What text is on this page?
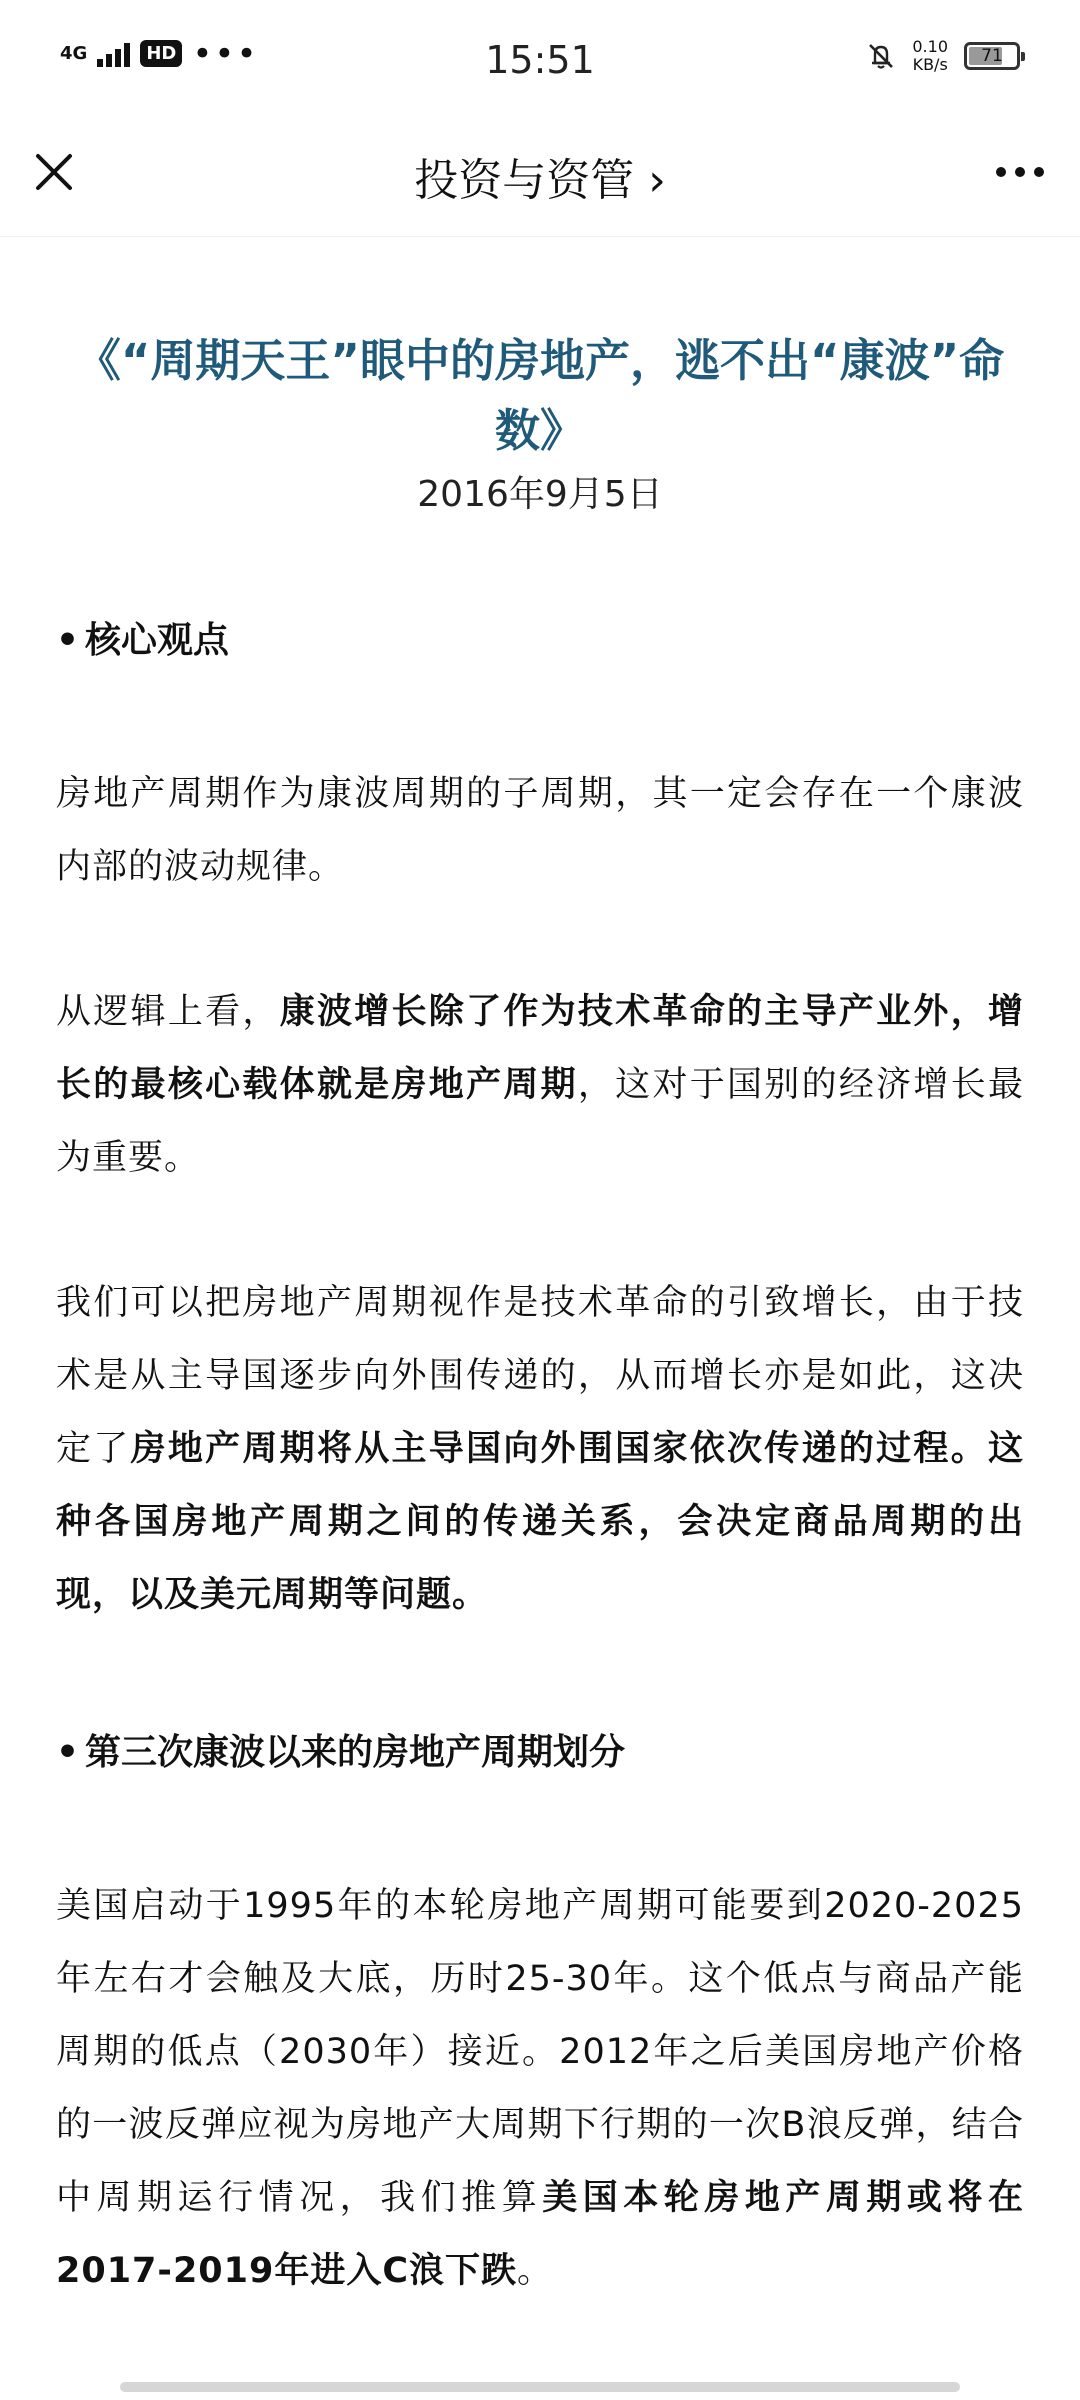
4G	HD •••	15:51	0.10
KB/s	71
投资与资管 ›
《“周期天王”眼中的房地产，逃不出“康波”命数》
2016年9月5日
• 核心观点

房地产周期作为康波周期的子周期，其一定会存在一个康波内部的波动规律。

从逻辑上看，康波增长除了作为技术革命的主导产业外，增长的最核心载体就是房地产周期，这对于国别的经济增长最为重要。

我们可以把房地产周期视作是技术革命的引致增长，由于技术是从主导国逐步向外围传递的，从而增长亦是如此，这决定了房地产周期将从主导国向外围国家依次传递的过程。这种各国房地产周期之间的传递关系，会决定商品周期的出现，以及美元周期等问题。

• 第三次康波以来的房地产周期划分

美国启动于1995年的本轮房地产周期可能要到2020-2025年左右才会触及大底，历时25-30年。这个低点与商品产能周期的低点（2030年）接近。2012年之后美国房地产价格的一波反弹应视为房地产大周期下行期的一次B浪反弹，结合中周期运行情况，我们推算美国本轮房地产周期或将在2017-2019年进入C浪下跌。
